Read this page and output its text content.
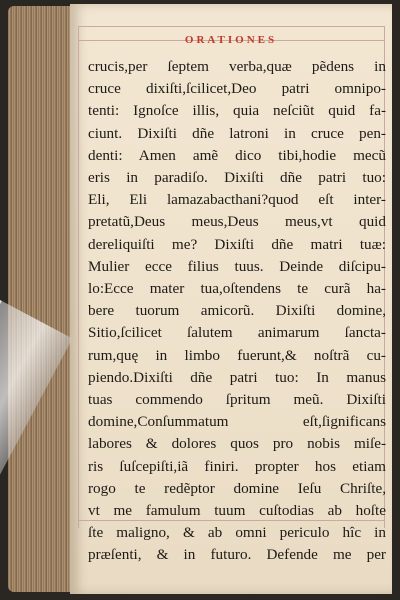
ORATIONES
crucis,per ſeptem verba,quæ pẽdens in
cruce dixiſti,ſcilicet,Deo patri omnipo-
tenti: Ignoſce illis, quia neſciũt quid fa-
ciunt. Dixiſti dñe latroni in cruce pen-
denti: Amen amẽ dico tibi,hodie mecũ
eris in paradiſo. Dixiſti dñe patri tuo:
Eli, Eli lamazabacthani?quod eſt inter-
pretatũ,Deus meus,Deus meus,vt quid
dereliquiſti me? Dixiſti dñe matri tuæ:
Mulier ecce filius tuus. Deinde diſcipu-
lo:Ecce mater tua,oſtendens te curã ha-
bere tuorum amicorũ. Dixiſti domine,
Sitio,ſcilicet ſalutem animarum ſanctа-
rum,quę in limbo fuerunt,& noſtrã cu-
piendo.Dixiſti dñe patri tuo: In manus
tuas commendo ſpritum meũ. Dixiſti
domine,Conſummatum eſt,ſignificans
labores & dolores quos pro nobis miſe-
ris ſuſcepiſti,iã finiri. propter hos etiam
rogo te redẽptor domine Ieſu Chriſte,
vt me famulum tuum cuſtodias ab hoſte
ſte maligno, & ab omni periculo hîc in
præſenti, & in futuro. Defende me per
